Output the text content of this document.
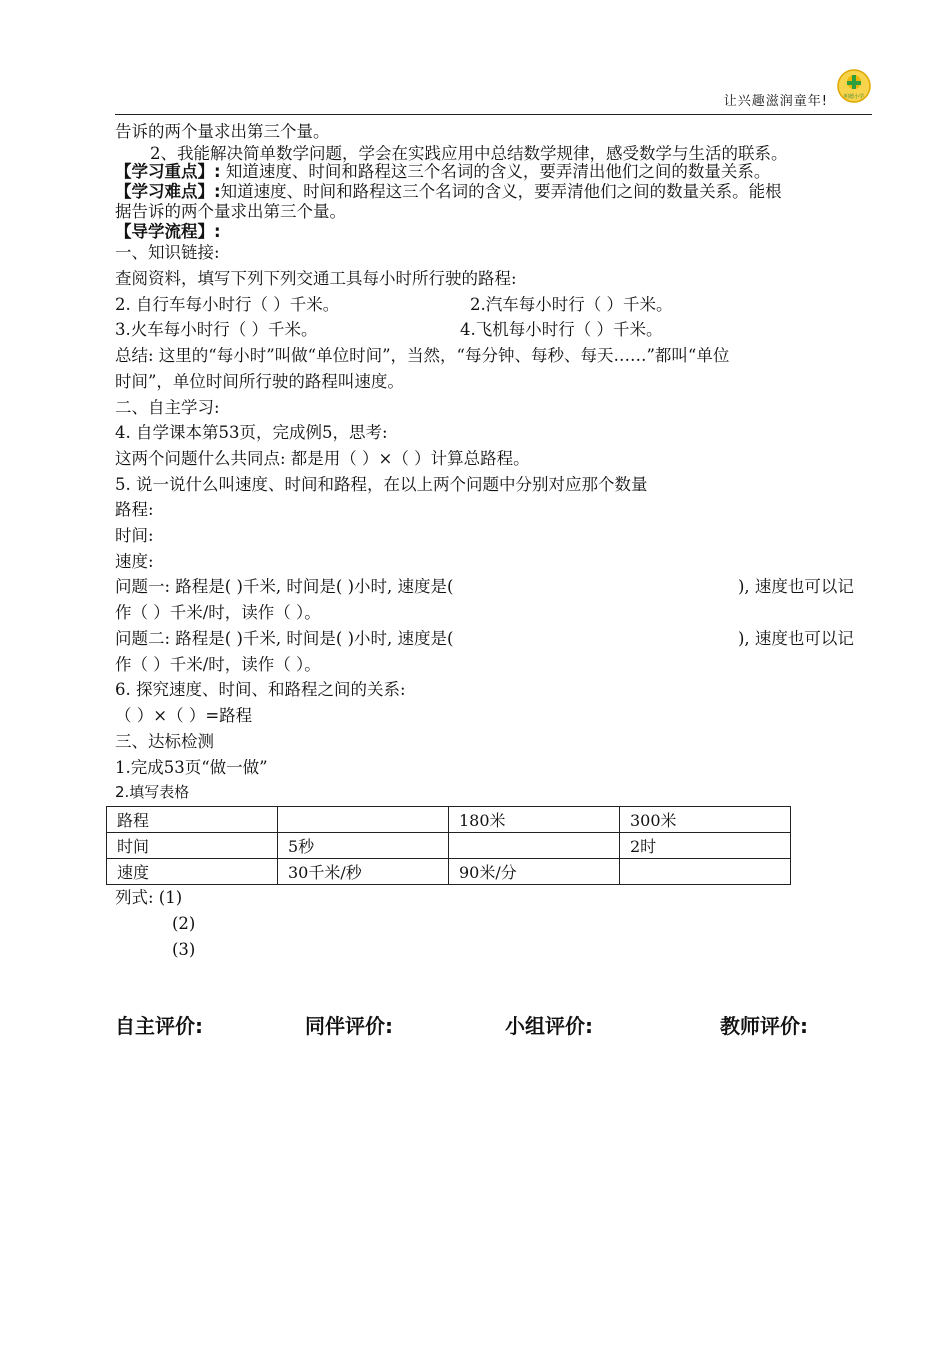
让兴趣滋润童年!	明德小学
告诉的两个量求出第三个量。
2、我能解决简单数学问题，学会在实践应用中总结数学规律，感受数学与生活的联系。
【学习重点】: 知道速度、时间和路程这三个名词的含义，要弄清出他们之间的数量关系。
【学习难点】:知道速度、时间和路程这三个名词的含义，要弄清他们之间的数量关系。能根
据告诉的两个量求出第三个量。
【导学流程】:
一、知识链接:
查阅资料，填写下列下列交通工具每小时所行驶的路程:
2. 自行车每小时行（ ）千米。	2.汽车每小时行（ ）千米。
3.火车每小时行（ ）千米。	4.飞机每小时行（ ）千米。
总结: 这里的“每小时”叫做“单位时间”，当然，“每分钟、每秒、每天……”都叫“单位
时间”，单位时间所行驶的路程叫速度。
二、自主学习:
4. 自学课本第53页，完成例5，思考:
这两个问题什么共同点: 都是用（ ）×（ ）计算总路程。
5. 说一说什么叫速度、时间和路程，在以上两个问题中分别对应那个数量
路程:
时间:
速度:
问题一: 路程是( )千米, 时间是( )小时, 速度是(	), 速度也可以记
作（ ）千米/时，读作（ ）。
问题二: 路程是( )千米, 时间是( )小时, 速度是(	), 速度也可以记
作（ ）千米/时，读作（ ）。
6. 探究速度、时间、和路程之间的关系:
（ ）×（ ）=路程
三、达标检测
1.完成53页“做一做”
2.填写表格
路程		180米	300米
时间	5秒		2时
速度	30千米/秒	90米/分	
列式: (1)
(2)
(3)
自主评价:	同伴评价:	小组评价:	教师评价:
